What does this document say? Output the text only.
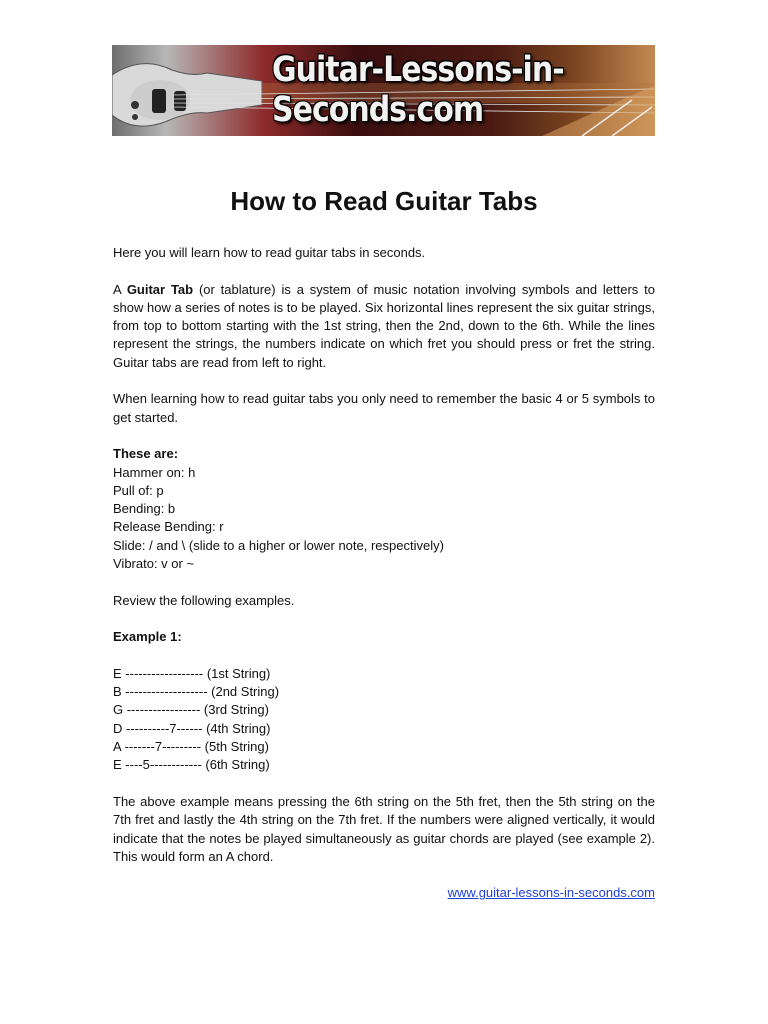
Guitar-Lessons-in-Seconds.com
How to Read Guitar Tabs

Here you will learn how to read guitar tabs in seconds.

A Guitar Tab (or tablature) is a system of music notation involving symbols and letters to show how a series of notes is to be played. Six horizontal lines represent the six guitar strings, from top to bottom starting with the 1st string, then the 2nd, down to the 6th. While the lines represent the strings, the numbers indicate on which fret you should press or fret the string. Guitar tabs are read from left to right.

When learning how to read guitar tabs you only need to remember the basic 4 or 5 symbols to get started.

These are:
Hammer on: h
Pull of: p
Bending: b
Release Bending: r
Slide: / and \ (slide to a higher or lower note, respectively)
Vibrato: v or ~

Review the following examples.

Example 1:

E ------------------ (1st String)
B ------------------- (2nd String)
G ----------------- (3rd String)
D ----------7------ (4th String)
A -------7--------- (5th String)
E ----5------------ (6th String)

The above example means pressing the 6th string on the 5th fret, then the 5th string on the 7th fret and lastly the 4th string on the 7th fret. If the numbers were aligned vertically, it would indicate that the notes be played simultaneously as guitar chords are played (see example 2). This would form an A chord.

www.guitar-lessons-in-seconds.com
